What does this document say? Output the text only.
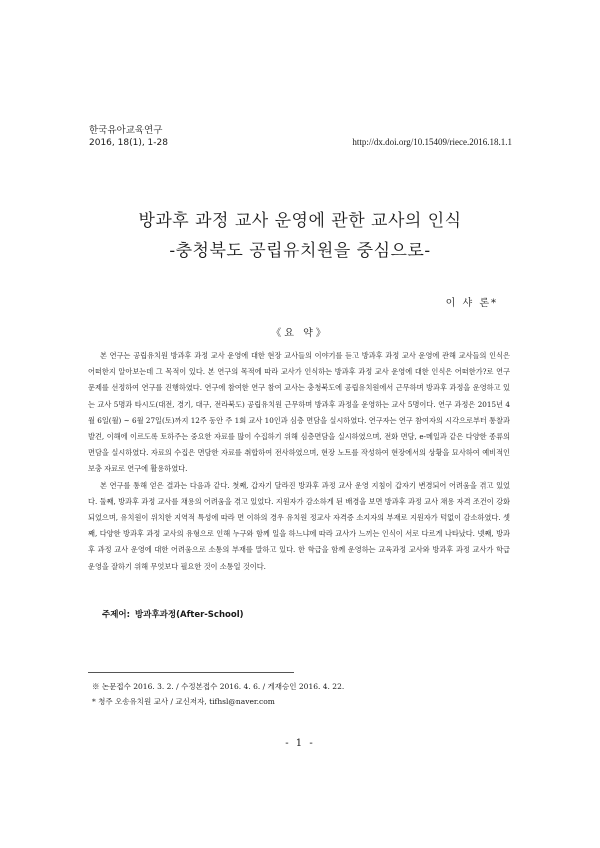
한국유아교육연구
2016, 18(1), 1-28	http://dx.doi.org/10.15409/riece.2016.18.1.1
방과후 과정 교사 운영에 관한 교사의 인식
-충청북도 공립유치원을 중심으로-
이 샤 론*
《요 약》

본 연구는 공립유치원 방과후 과정 교사 운영에 대한 현장 교사들의 이야기를 듣고 방과후 과정 교사 운영에 관해 교사들의 인식은 어떠한지 알아보는데 그 목적이 있다. 본 연구의 목적에 따라 교사가 인식하는 방과후 과정 교사 운영에 대한 인식은 어떠한가?로 연구 문제를 선정하여 연구를 진행하였다. 연구에 참여한 연구 참여 교사는 충청북도에 공립유치원에서 근무하며 방과후 과정을 운영하고 있는 교사 5명과 타시도(대전, 경기, 대구, 전라북도) 공립유치원 근무하며 방과후 과정을 운영하는 교사 5명이다. 연구 과정은 2015년 4월 6일(월) ~ 6월 27일(토)까지 12주 동안 주 1회 교사 10인과 심층 면담을 실시하였다. 연구자는 연구 참여자의 시각으로부터 통찰과 발견, 이해에 이르도록 토하주는 중요한 자료를 많이 수집하기 위해 심층면담을 실시하였으며, 전화 면담, e-메일과 같은 다양한 종류의 면담을 실시하였다. 자료의 수집은 면담한 자료를 취합하여 전사하였으며, 현장 노트를 작성하여 현장에서의 상황을 묘사하여 예비적인 보충 자료로 연구에 활용하였다.

본 연구를 통해 얻은 결과는 다음과 같다. 첫째, 갑자기 달라진 방과후 과정 교사 운영 지침이 갑자기 변경되어 어려움을 겪고 있었다. 둘째, 방과후 과정 교사를 채용의 어려움을 겪고 있었다. 지원자가 감소하게 된 배경을 보면 방과후 과정 교사 채용 자격 조건이 강화되었으며, 유치원이 위치한 지역적 특성에 따라 면 이하의 경우 유치원 정교사 자격증 소지자의 부재로 지원자가 턱없이 감소하였다. 셋째, 다양한 방과후 과정 교사의 유형으로 인해 누구와 함께 일을 하느냐에 따라 교사가 느끼는 인식이 서로 다르게 나타났다. 넷째, 방과후 과정 교사 운영에 대한 어려움으로 소통의 부재를 말하고 있다. 한 학급을 함께 운영하는 교육과정 교사와 방과후 과정 교사가 학급 운영을 잘하기 위해 무엇보다 필요한 것이 소통일 것이다.

주제어: 방과후과정(After-School)
※ 논문접수 2016. 3. 2. / 수정본접수 2016. 4. 6. / 게재승인 2016. 4. 22.
* 청주 오송유치원 교사 / 교신저자, tifhsl@naver.com
- 1 -
